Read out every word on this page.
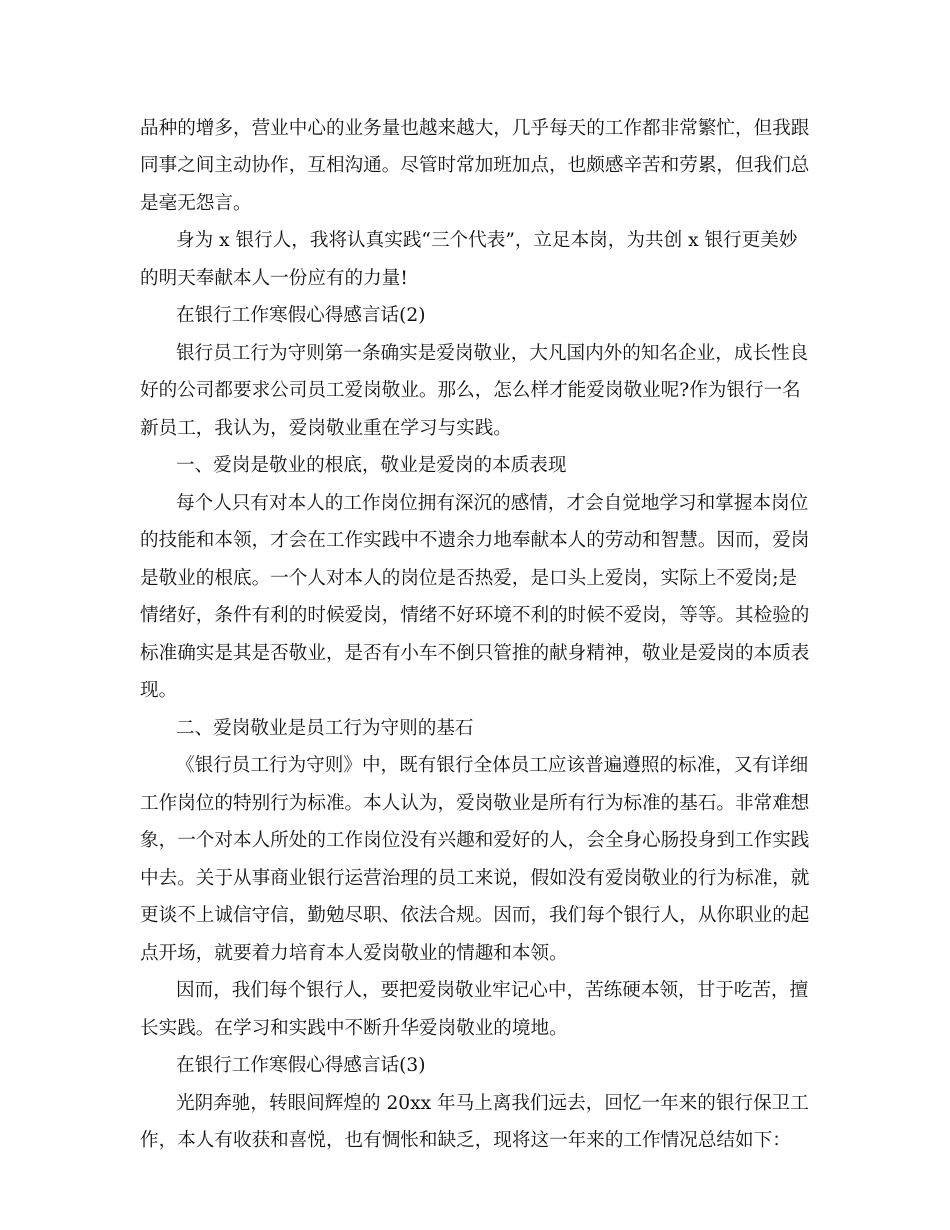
品种的增多，营业中心的业务量也越来越大，几乎每天的工作都非常繁忙，但我跟
同事之间主动协作，互相沟通。尽管时常加班加点，也颇感辛苦和劳累，但我们总
是毫无怨言。
身为 x 银行人，我将认真实践“三个代表”，立足本岗，为共创 x 银行更美妙
的明天奉献本人一份应有的力量!
在银行工作寒假心得感言话(2)
银行员工行为守则第一条确实是爱岗敬业，大凡国内外的知名企业，成长性良
好的公司都要求公司员工爱岗敬业。那么，怎么样才能爱岗敬业呢?作为银行一名
新员工，我认为，爱岗敬业重在学习与实践。
一、爱岗是敬业的根底，敬业是爱岗的本质表现
每个人只有对本人的工作岗位拥有深沉的感情，才会自觉地学习和掌握本岗位
的技能和本领，才会在工作实践中不遗余力地奉献本人的劳动和智慧。因而，爱岗
是敬业的根底。一个人对本人的岗位是否热爱，是口头上爱岗，实际上不爱岗;是
情绪好，条件有利的时候爱岗，情绪不好环境不利的时候不爱岗，等等。其检验的
标准确实是其是否敬业，是否有小车不倒只管推的献身精神，敬业是爱岗的本质表
现。
二、爱岗敬业是员工行为守则的基石
《银行员工行为守则》中，既有银行全体员工应该普遍遵照的标准，又有详细
工作岗位的特别行为标准。本人认为，爱岗敬业是所有行为标准的基石。非常难想
象，一个对本人所处的工作岗位没有兴趣和爱好的人，会全身心肠投身到工作实践
中去。关于从事商业银行运营治理的员工来说，假如没有爱岗敬业的行为标准，就
更谈不上诚信守信，勤勉尽职、依法合规。因而，我们每个银行人，从你职业的起
点开场，就要着力培育本人爱岗敬业的情趣和本领。
因而，我们每个银行人，要把爱岗敬业牢记心中，苦练硬本领，甘于吃苦，擅
长实践。在学习和实践中不断升华爱岗敬业的境地。
在银行工作寒假心得感言话(3)
光阴奔驰，转眼间辉煌的 20xx 年马上离我们远去，回忆一年来的银行保卫工
作，本人有收获和喜悦，也有惆怅和缺乏，现将这一年来的工作情况总结如下：
